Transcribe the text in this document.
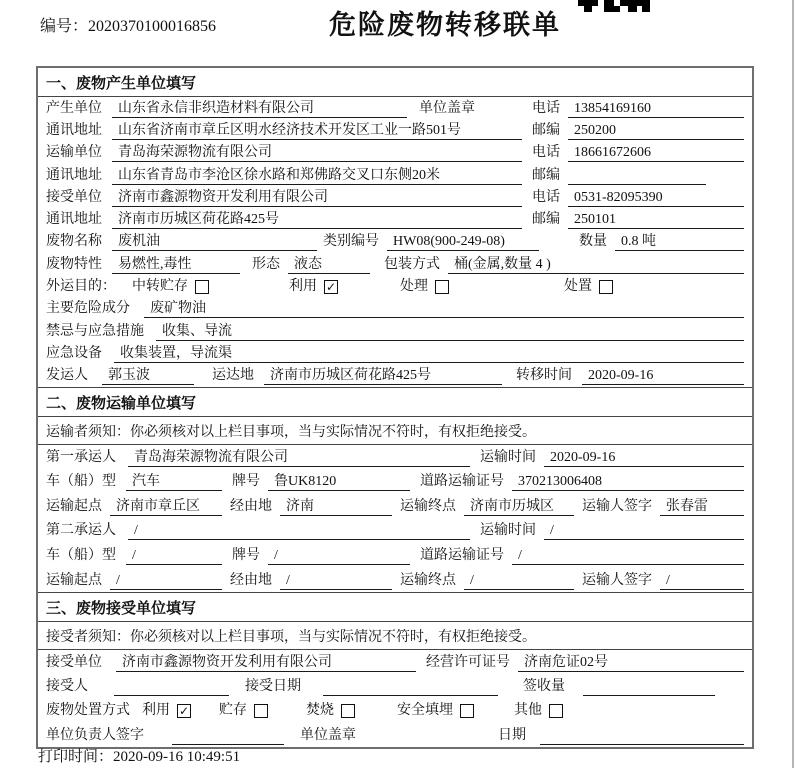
编号：2020370100016856	危险废物转移联单
一、废物产生单位填写
产生单位	山东省永信非织造材料有限公司	单位盖章	电话	13854169160
通讯地址	山东省济南市章丘区明水经济技术开发区工业一路501号	邮编	250200
运输单位	青岛海荣源物流有限公司	电话	18661672606
通讯地址	山东省青岛市李沧区徐水路和郑佛路交叉口东侧20米	邮编
接受单位	济南市鑫源物资开发利用有限公司	电话	0531-82095390
通讯地址	济南市历城区荷花路425号	邮编	250101
废物名称	废机油	类别编号	HW08(900-249-08)	数量	0.8 吨
废物特性	易燃性,毒性	形态	液态	包装方式	桶(金属,数量 4 )
外运目的： 中转贮存	利用 ✓	处理	处置
主要危险成分	废矿物油
禁忌与应急措施	收集、导流
应急设备	收集装置，导流渠
发运人	郭玉波	运达地	济南市历城区荷花路425号	转移时间	2020-09-16
二、废物运输单位填写
运输者须知：你必须核对以上栏目事项，当与实际情况不符时，有权拒绝接受。
第一承运人	青岛海荣源物流有限公司	运输时间	2020-09-16
车（船）型	汽车	牌号	鲁UK8120	道路运输证号	370213006408
运输起点	济南市章丘区	经由地	济南	运输终点	济南市历城区	运输人签字	张春雷
第二承运人	/	运输时间	/
车（船）型	/	牌号	/	道路运输证号	/
运输起点	/	经由地	/	运输终点	/	运输人签字	/
三、废物接受单位填写
接受者须知：你必须核对以上栏目事项，当与实际情况不符时，有权拒绝接受。
接受单位	济南市鑫源物资开发利用有限公司	经营许可证号	济南危证02号
接受人	接受日期	签收量
废物处置方式 利用 ✓ 贮存	焚烧	安全填埋	其他
单位负责人签字	单位盖章	日期
打印时间：2020-09-16 10:49:51
